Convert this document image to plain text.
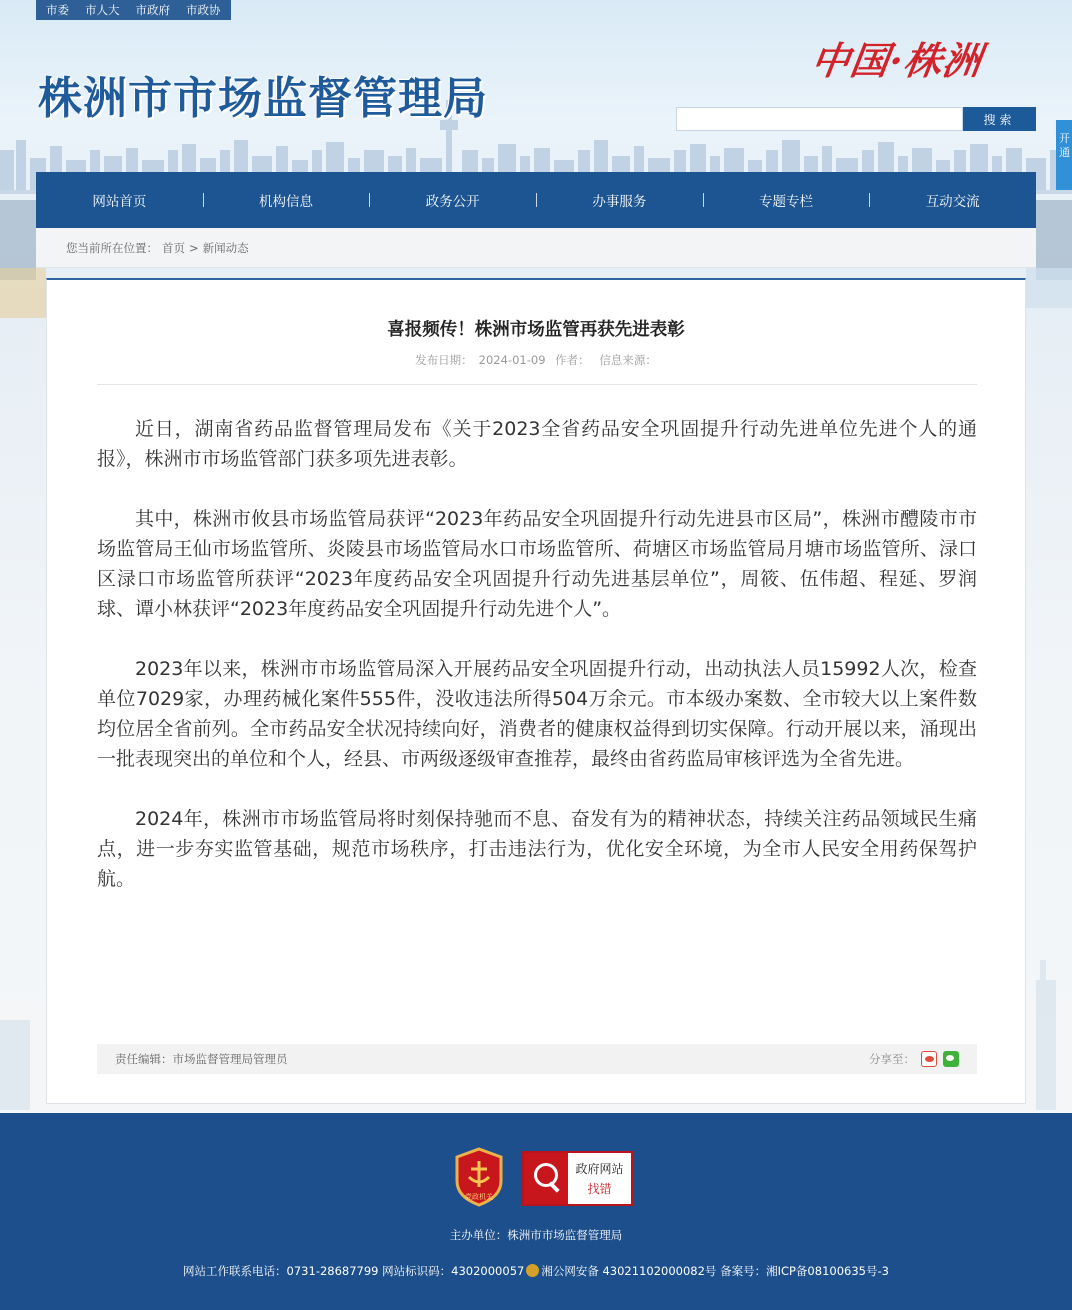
市委 市人大 市政府 市政协
株洲市市场监督管理局
中国·株洲
搜索
开通
网站首页	机构信息	政务公开	办事服务	专题专栏	互动交流
您当前所在位置： 首页 > 新闻动态
喜报频传！株洲市场监管再获先进表彰
发布日期： 2024-01-09 作者： 信息来源：

近日，湖南省药品监督管理局发布《关于2023全省药品安全巩固提升行动先进单位先进个人的通报》，株洲市市场监管部门获多项先进表彰。

其中，株洲市攸县市场监管局获评“2023年药品安全巩固提升行动先进县市区局”，株洲市醴陵市市场监管局王仙市场监管所、炎陵县市场监管局水口市场监管所、荷塘区市场监管局月塘市场监管所、渌口区渌口市场监管所获评“2023年度药品安全巩固提升行动先进基层单位”，周筱、伍伟超、程延、罗润球、谭小林获评“2023年度药品安全巩固提升行动先进个人”。

2023年以来，株洲市市场监管局深入开展药品安全巩固提升行动，出动执法人员15992人次，检查单位7029家，办理药械化案件555件，没收违法所得504万余元。市本级办案数、全市较大以上案件数均位居全省前列。全市药品安全状况持续向好，消费者的健康权益得到切实保障。行动开展以来，涌现出一批表现突出的单位和个人，经县、市两级逐级审查推荐，最终由省药监局审核评选为全省先进。

2024年，株洲市市场监管局将时刻保持驰而不息、奋发有为的精神状态，持续关注药品领域民生痛点，进一步夯实监管基础，规范市场秩序，打击违法行为，优化安全环境，为全市人民安全用药保驾护航。

责任编辑： 市场监督管理局管理员	分享至：
党政机关
政府网站
找错
主办单位：株洲市市场监督管理局
网站工作联系电话：0731-28687799 网站标识码：4302000057 湘公网安备 43021102000082号 备案号：湘ICP备08100635号-3
